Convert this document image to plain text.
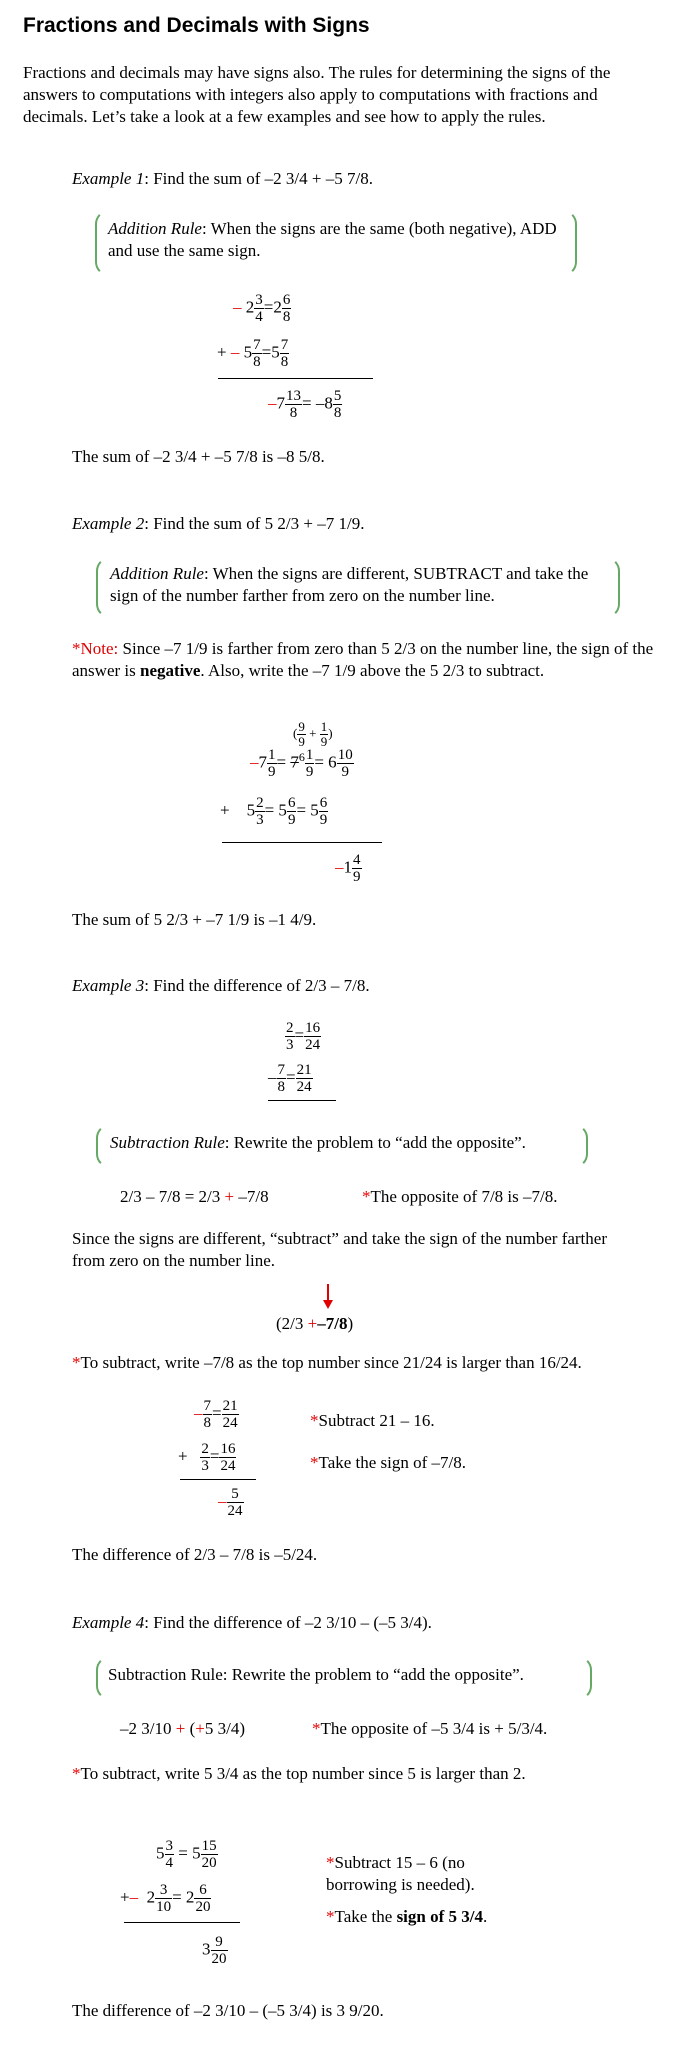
Fractions and Decimals with Signs
Fractions and decimals may have signs also. The rules for determining the signs of the answers to computations with integers also apply to computations with fractions and decimals. Let’s take a look at a few examples and see how to apply the rules.
Example 1: Find the sum of –2 3/4 + –5 7/8.
Addition Rule: When the signs are the same (both negative), ADD and use the same sign.
– $2 \frac{3}{4} =2 \frac{6}{8}$
+ – $5 \frac{7}{8} =5 \frac{7}{8}$
$-7 \frac{13}{8} = -8 \frac{5}{8}$
The sum of –2 3/4 + –5 7/8 is –8 5/8.
Example 2: Find the sum of 5 2/3 + –7 1/9.
Addition Rule: When the signs are different, SUBTRACT and take the sign of the number farther from zero on the number line.
*Note: Since –7 1/9 is farther from zero than 5 2/3 on the number line, the sign of the answer is negative. Also, write the –7 1/9 above the 5 2/3 to subtract.
( $\frac{9}{9} + \frac{1}{9}$ )
$-7 \frac{1}{9} = 7^6 \frac{1}{9} = 6 \frac{10}{9}$
+ $5 \frac{2}{3} = 5 \frac{6}{9} = 5 \frac{6}{9}$
$-1 \frac{4}{9}$
The sum of 5 2/3 + –7 1/9 is –1 4/9.
Example 3: Find the difference of 2/3 – 7/8.
$\frac{2}{3} = \frac{16}{24}$
– $\frac{7}{8} = \frac{21}{24}$
Subtraction Rule: Rewrite the problem to “add the opposite”.
2/3 – 7/8 = 2/3 + –7/8	*The opposite of 7/8 is –7/8.
Since the signs are different, “subtract” and take the sign of the number farther from zero on the number line.
(2/3 +–7/8)
*To subtract, write –7/8 as the top number since 21/24 is larger than 16/24.
– $\frac{7}{8} = \frac{21}{24}$
+ $\frac{2}{3} = \frac{16}{24}$
– $\frac{5}{24}$
*Subtract 21 – 16.
*Take the sign of –7/8.
The difference of 2/3 – 7/8 is –5/24.
Example 4: Find the difference of –2 3/10 – (–5 3/4).
Subtraction Rule: Rewrite the problem to “add the opposite”.
–2 3/10 + (+5 3/4)	*The opposite of –5 3/4 is + 5/3/4.
*To subtract, write 5 3/4 as the top number since 5 is larger than 2.
$5 \frac{3}{4} = 5 \frac{15}{20}$
+– $2 \frac{3}{10} = 2 \frac{6}{20}$
$3 \frac{9}{20}$
*Subtract 15 – 6 (no borrowing is needed).
*Take the sign of 5 3/4.
The difference of –2 3/10 – (–5 3/4) is 3 9/20.
